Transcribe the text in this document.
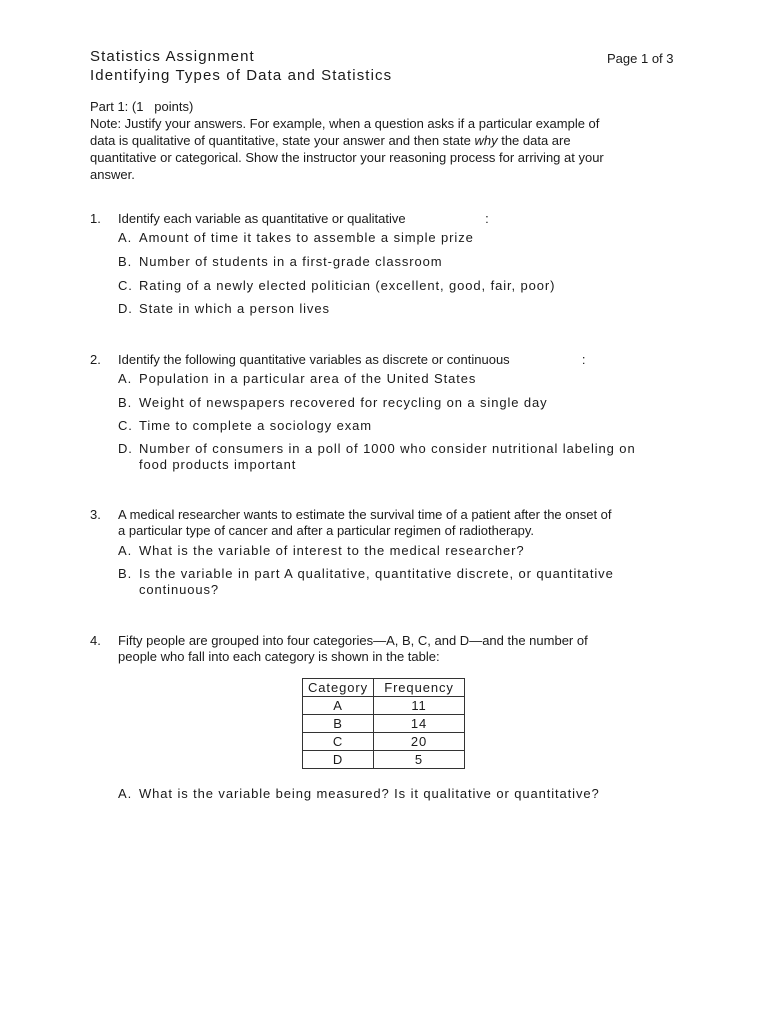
Statistics Assignment	Page 1 of 3
Identifying Types of Data and Statistics
Part 1: (1   points)
Note: Justify your answers. For example, when a question asks if a particular example of
data is qualitative of quantitative, state your answer and then state why the data are
quantitative or categorical. Show the instructor your reasoning process for arriving at your
answer.
1. Identify each variable as quantitative or qualitative                      :
A. Amount of time it takes to assemble a simple prize
B. Number of students in a first-grade classroom
C. Rating of a newly elected politician (excellent, good, fair, poor)
D. State in which a person lives
2. Identify the following quantitative variables as discrete or continuous                    :
A. Population in a particular area of the United States
B. Weight of newspapers recovered for recycling on a single day
C. Time to complete a sociology exam
D. Number of consumers in a poll of 1000 who consider nutritional labeling on
food products important
3. A medical researcher wants to estimate the survival time of a patient after the onset of
a particular type of cancer and after a particular regimen of radiotherapy.
A. What is the variable of interest to the medical researcher?
B. Is the variable in part A qualitative, quantitative discrete, or quantitative
continuous?
4. Fifty people are grouped into four categories—A, B, C, and D—and the number of
people who fall into each category is shown in the table:
Category	Frequency
A	11
B	14
C	20
D	5
A. What is the variable being measured? Is it qualitative or quantitative?
